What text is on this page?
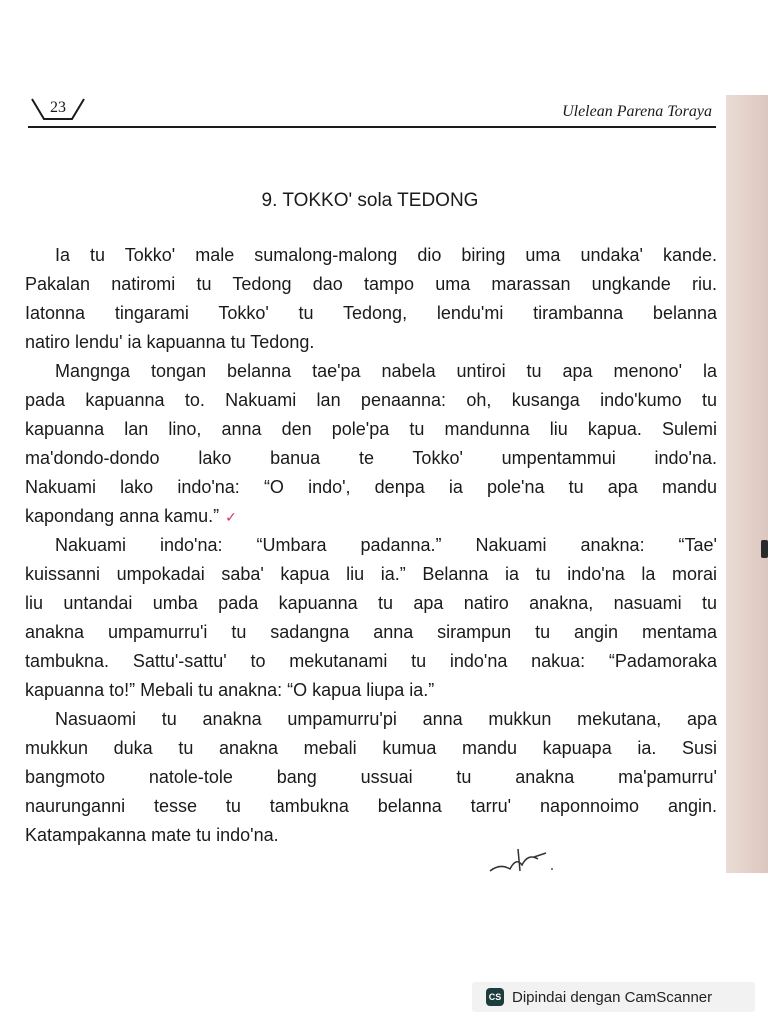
23	Ulelean Parena Toraya
9. TOKKO' sola TEDONG
Ia tu Tokko' male sumalong-malong dio biring uma undaka' kande.
Pakalan natiromi tu Tedong dao tampo uma marassan ungkande riu.
Iatonna tingarami Tokko' tu Tedong, lendu'mi tirambanna belanna
natiro lendu' ia kapuanna tu Tedong.
Mangnga tongan belanna tae'pa nabela untiroi tu apa menono' la
pada kapuanna to. Nakuami lan penaanna: oh, kusanga indo'kumo tu
kapuanna lan lino, anna den pole'pa tu mandunna liu kapua. Sulemi
ma'dondo-dondo lako banua te Tokko' umpentammui indo'na.
Nakuami lako indo'na: “O indo', denpa ia pole'na tu apa mandu
kapondang anna kamu.” ✓
Nakuami indo'na: “Umbara padanna.” Nakuami anakna: “Tae'
kuissanni umpokadai saba' kapua liu ia.” Belanna ia tu indo'na la morai
liu untandai umba pada kapuanna tu apa natiro anakna, nasuami tu
anakna umpamurru'i tu sadangna anna sirampun tu angin mentama
tambukna. Sattu'-sattu' to mekutanami tu indo'na nakua: “Padamoraka
kapuanna to!” Mebali tu anakna: “O kapua liupa ia.”
Nasuaomi tu anakna umpamurru'pi anna mukkun mekutana, apa
mukkun duka tu anakna mebali kumua mandu kapuapa ia. Susi
bangmoto natole-tole bang ussuai tu anakna ma'pamurru'
naurunganni tesse tu tambukna belanna tarru' naponnoimo angin.
Katampakanna mate tu indo'na.
CS Dipindai dengan CamScanner
